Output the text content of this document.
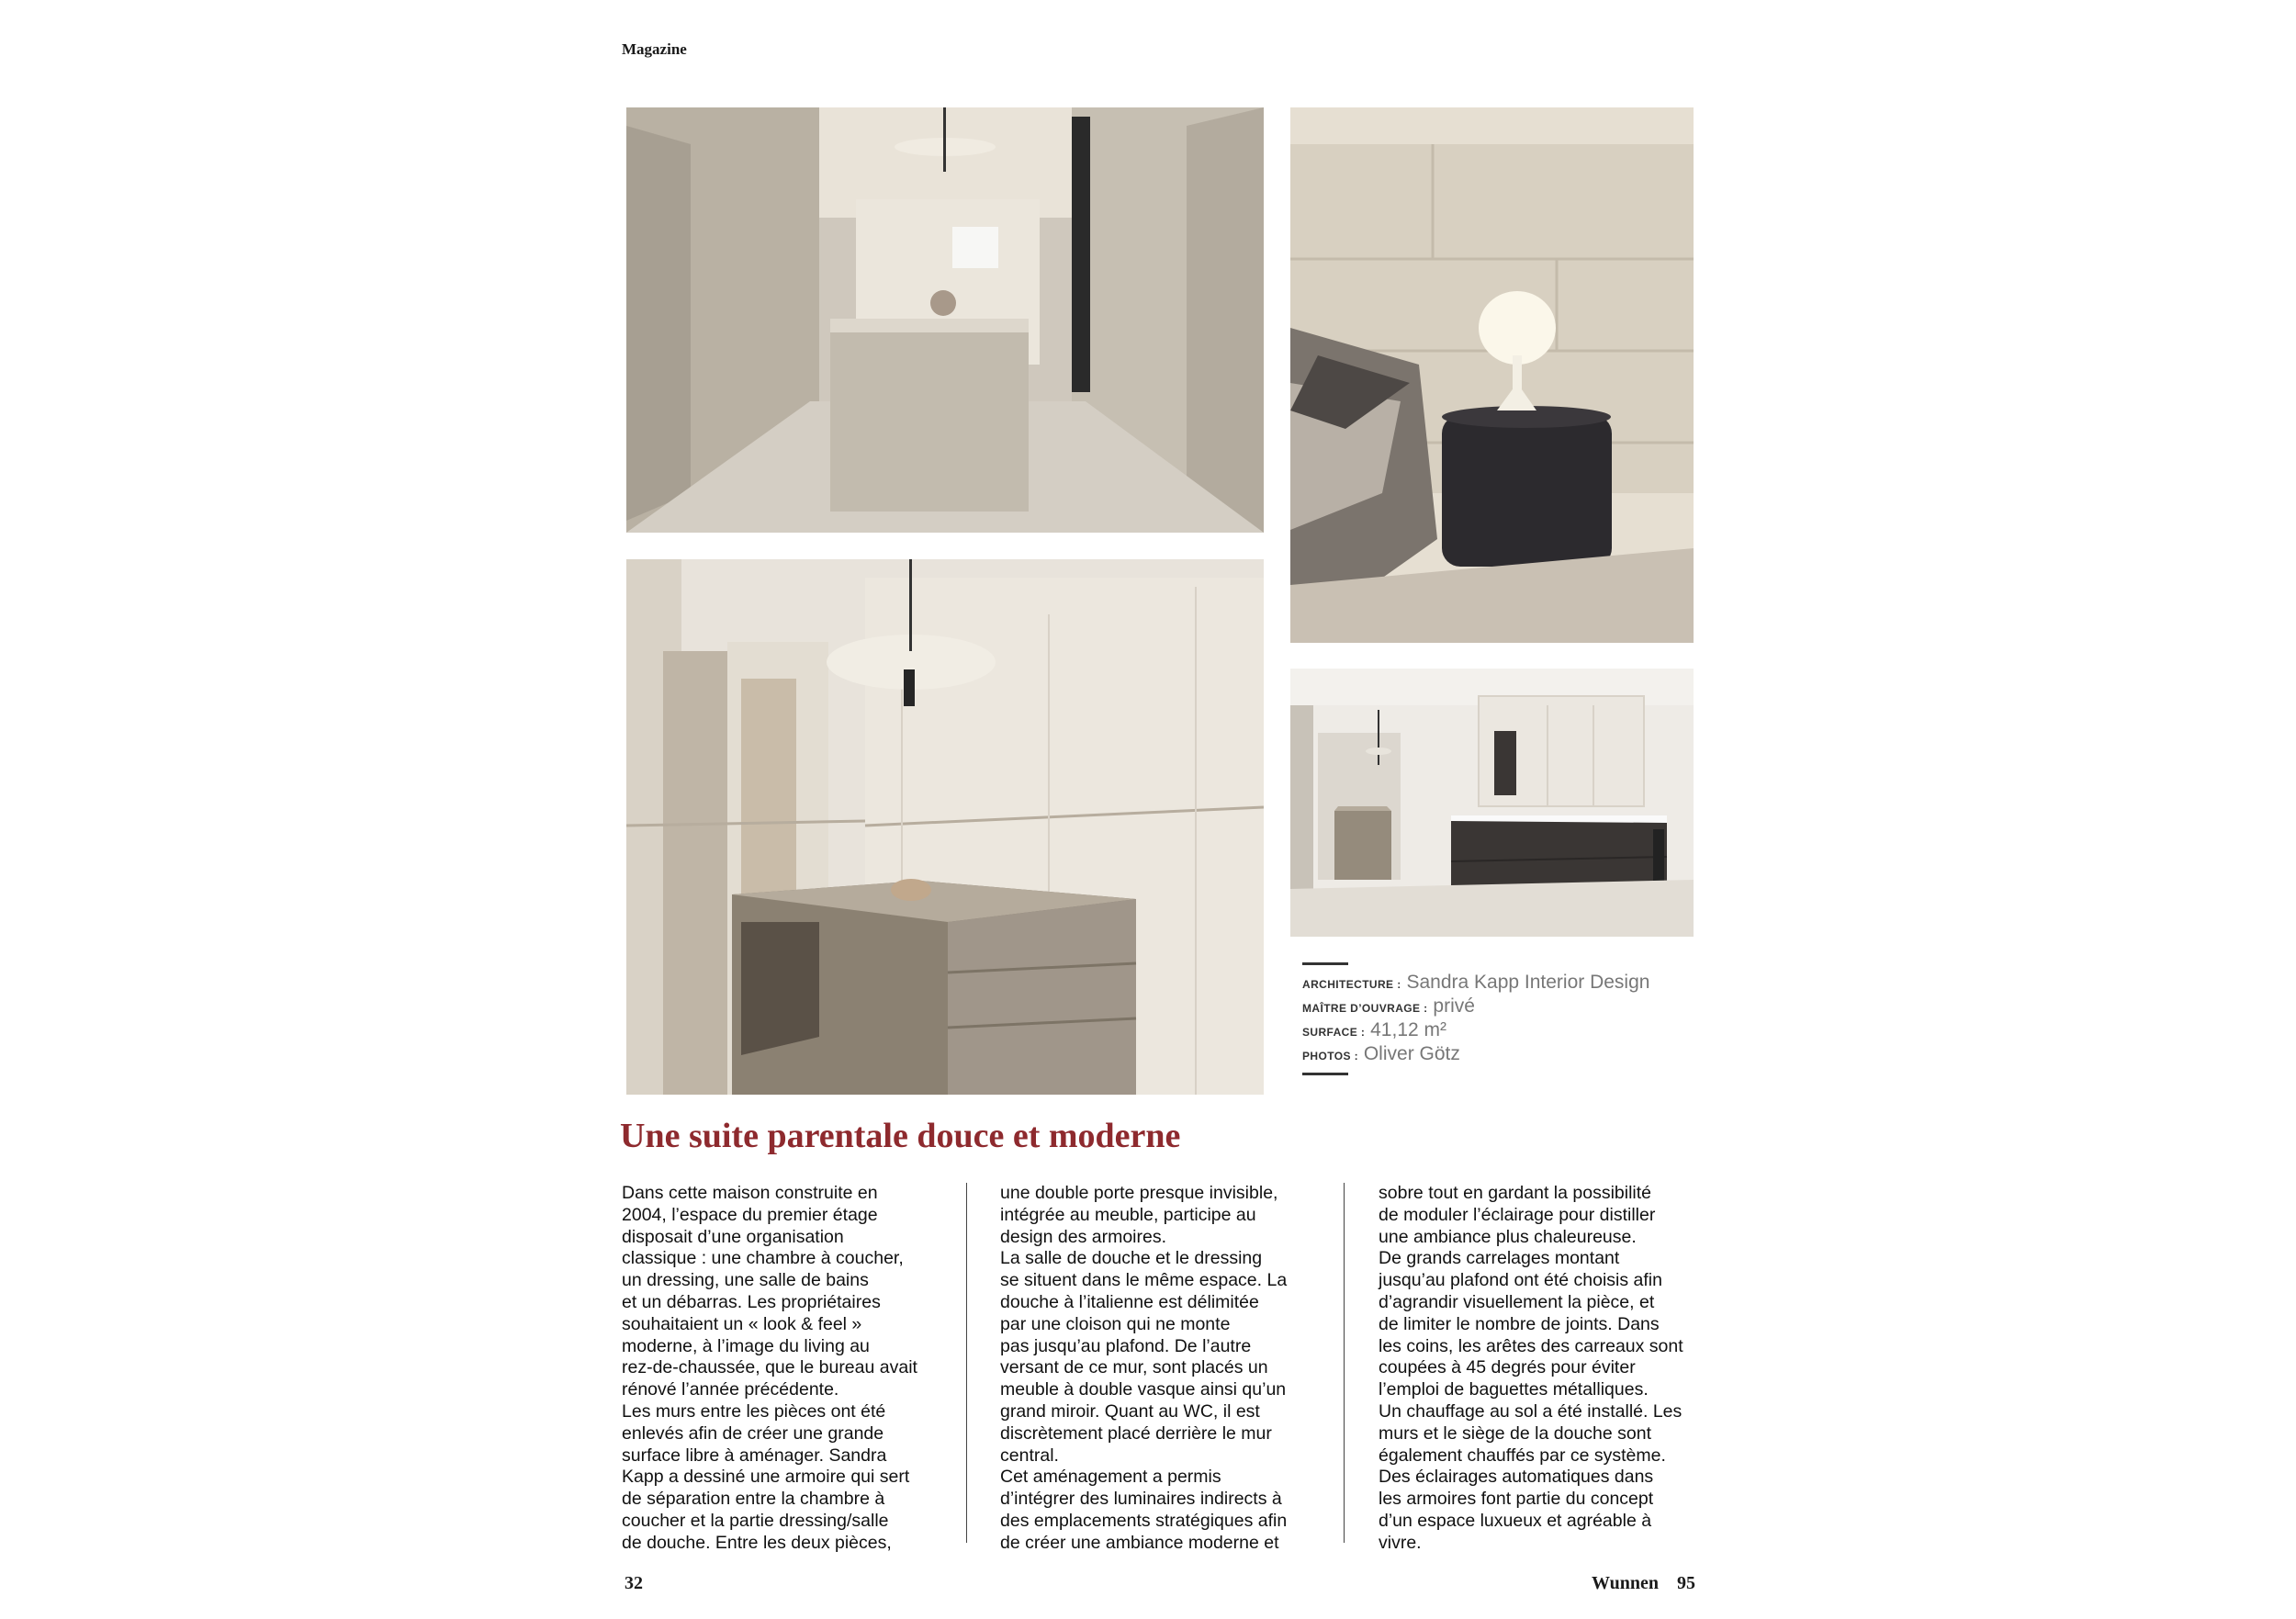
Magazine
ARCHITECTURE : Sandra Kapp Interior Design
MAÎTRE D’OUVRAGE : privé
SURFACE : 41,12 m²
PHOTOS : Oliver Götz
Une suite parentale douce et moderne

Dans cette maison construite en
2004, l’espace du premier étage
disposait d’une organisation
classique : une chambre à coucher,
un dressing, une salle de bains
et un débarras. Les propriétaires
souhaitaient un « look & feel »
moderne, à l’image du living au
rez-de-chaussée, que le bureau avait
rénové l’année précédente.
Les murs entre les pièces ont été
enlevés afin de créer une grande
surface libre à aménager. Sandra
Kapp a dessiné une armoire qui sert
de séparation entre la chambre à
coucher et la partie dressing/salle
de douche. Entre les deux pièces,

une double porte presque invisible,
intégrée au meuble, participe au
design des armoires.
La salle de douche et le dressing
se situent dans le même espace. La
douche à l’italienne est délimitée
par une cloison qui ne monte
pas jusqu’au plafond. De l’autre
versant de ce mur, sont placés un
meuble à double vasque ainsi qu’un
grand miroir. Quant au WC, il est
discrètement placé derrière le mur
central.
Cet aménagement a permis
d’intégrer des luminaires indirects à
des emplacements stratégiques afin
de créer une ambiance moderne et

sobre tout en gardant la possibilité
de moduler l’éclairage pour distiller
une ambiance plus chaleureuse.
De grands carrelages montant
jusqu’au plafond ont été choisis afin
d’agrandir visuellement la pièce, et
de limiter le nombre de joints. Dans
les coins, les arêtes des carreaux sont
coupées à 45 degrés pour éviter
l’emploi de baguettes métalliques.
Un chauffage au sol a été installé. Les
murs et le siège de la douche sont
également chauffés par ce système.
Des éclairages automatiques dans
les armoires font partie du concept
d’un espace luxueux et agréable à
vivre.

32	Wunnen 95
